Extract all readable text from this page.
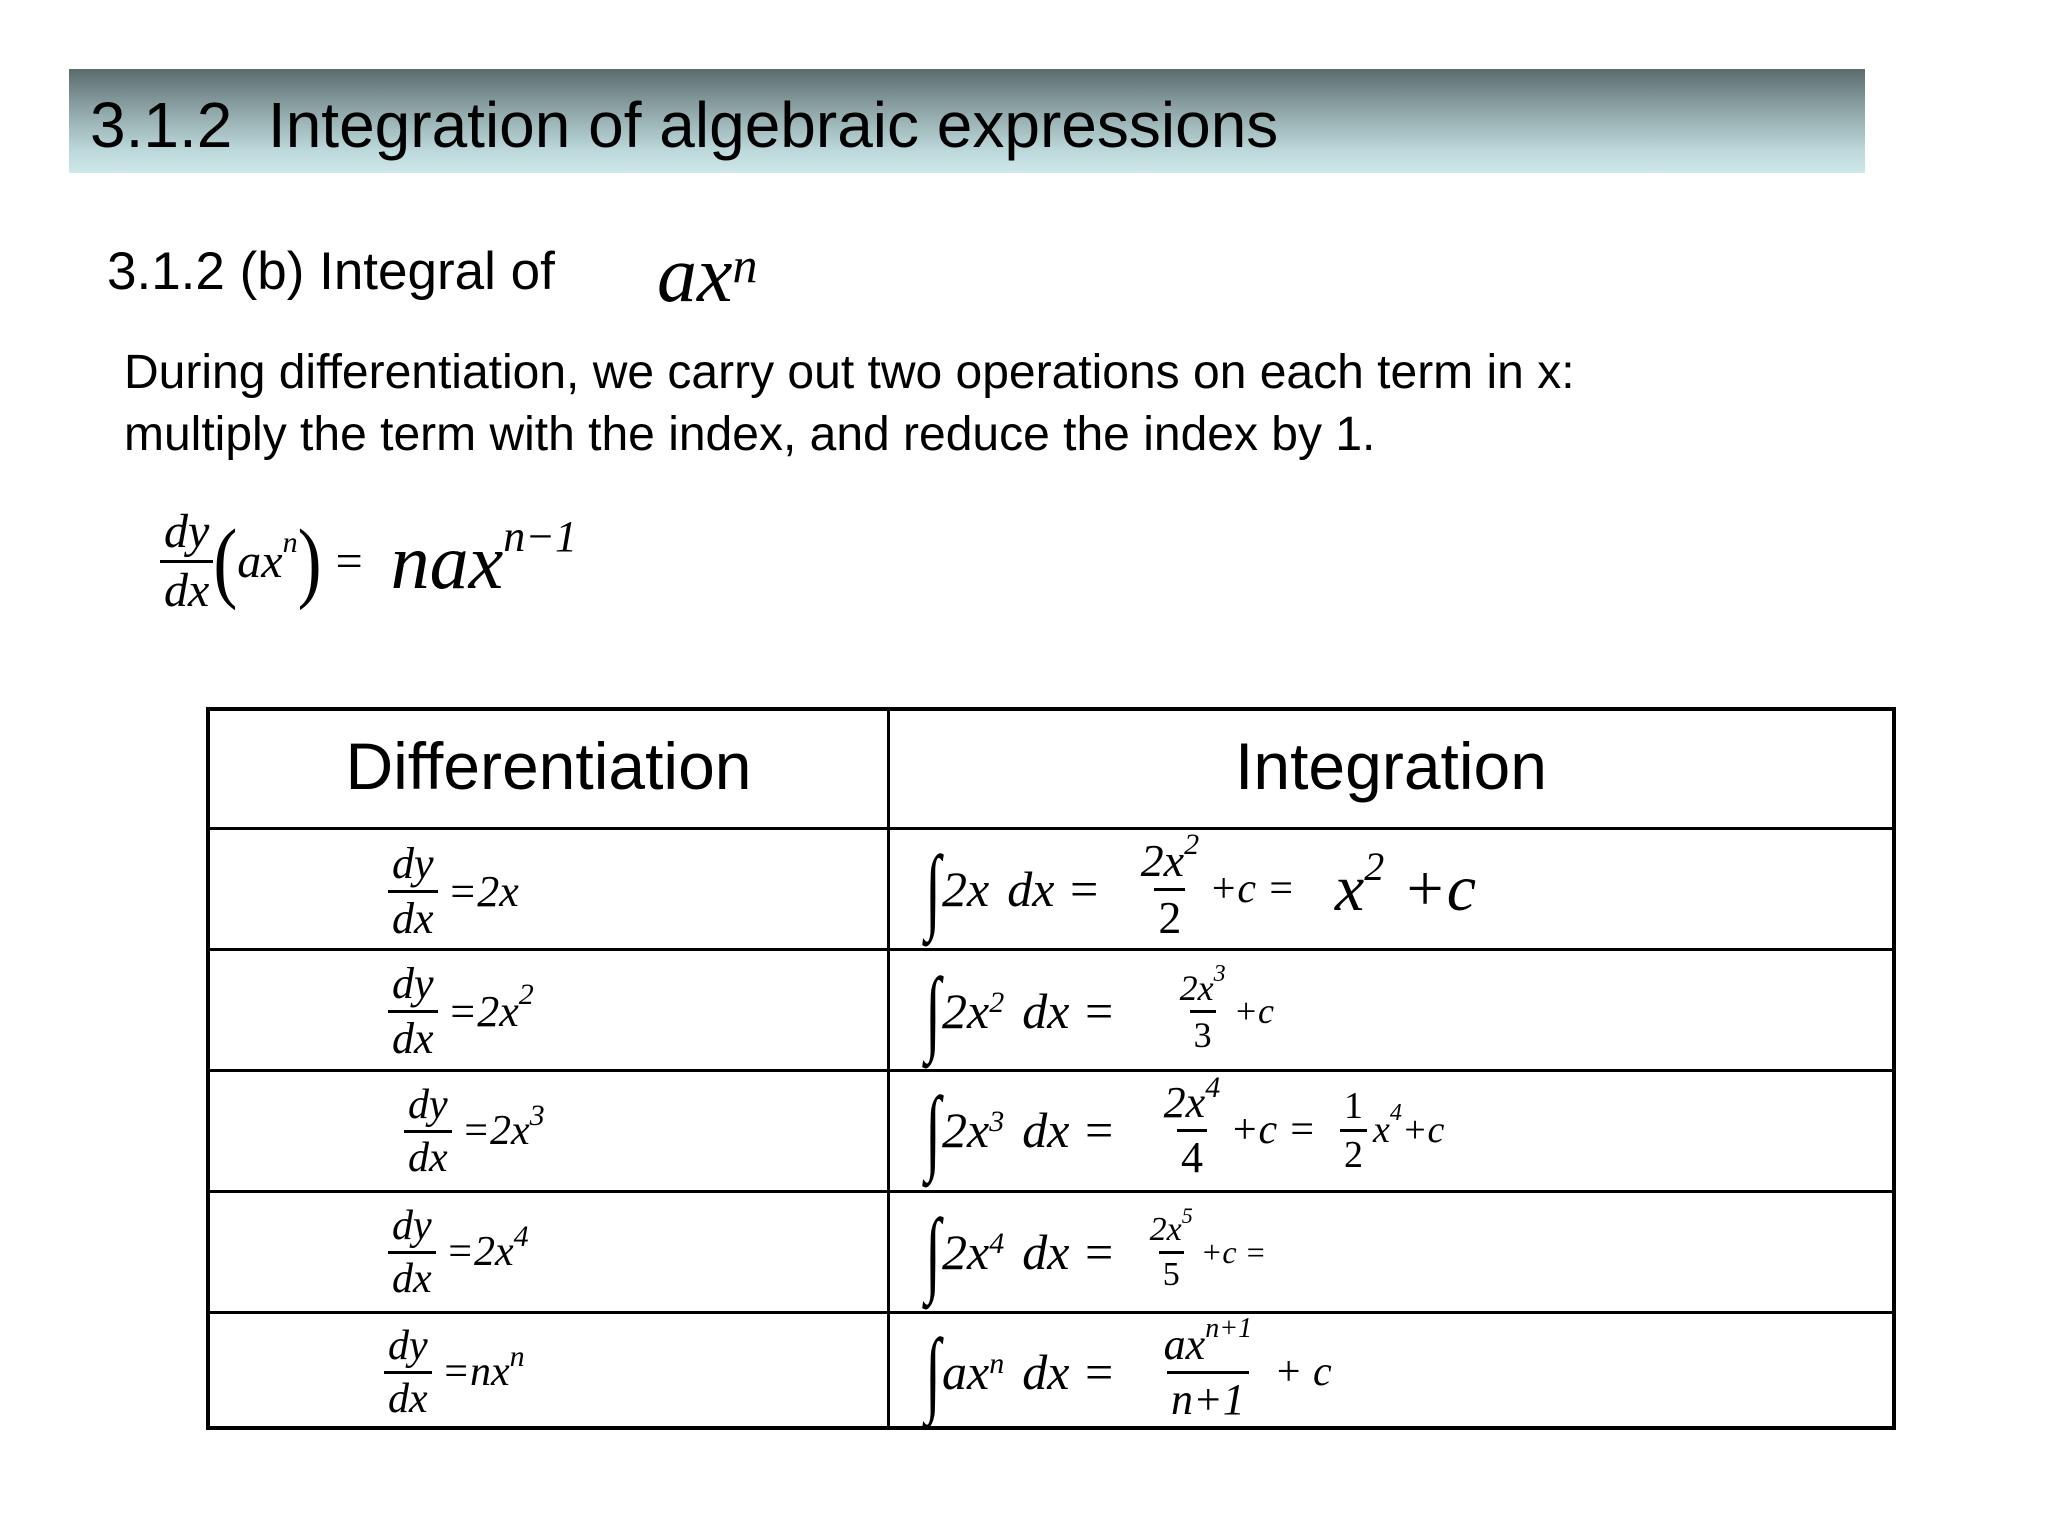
3.1.2  Integration of algebraic expressions
3.1.2 (b) Integral of $ax^n$
During differentiation, we carry out two operations on each term in x:
multiply the term with the index, and reduce the index by 1.
$\frac{dy}{dx}$ ( $ax^n$ ) = nax$^{n-1}$
Differentiation	Integration
$\frac{dy}{dx} =2x$	∫ 2x dx = $\frac{2x^2}{2} +c = x^2 +c$
$\frac{dy}{dx} =2x^2$	∫ $2x^2$ dx = $\frac{2x^3}{3} +c$
$\frac{dy}{dx} =2x^3$	∫ $2x^3$ dx = $\frac{2x^4}{4} +c = \frac{1}{2} x^4+c$
$\frac{dy}{dx} =2x^4$	∫ $2x^4$ dx = $\frac{2x^5}{5} +c$ =
$\frac{dy}{dx} =nx^n$	∫ $ax^n$ dx = $\frac{ax^{n+1}}{n+1} + c$
